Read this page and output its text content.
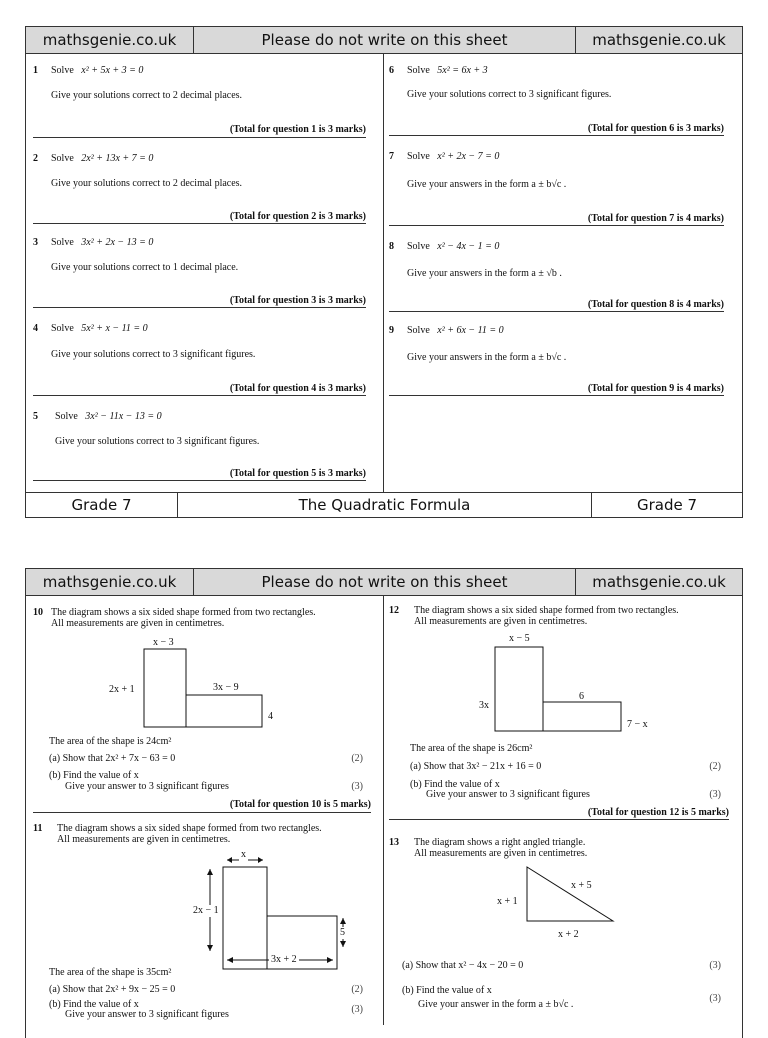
mathsgenie.co.uk	Please do not write on this sheet	mathsgenie.co.uk
1 Solve x² + 5x + 3 = 0
Give your solutions correct to 2 decimal places.
(Total for question 1 is 3 marks)
2 Solve 2x² + 13x + 7 = 0
Give your solutions correct to 2 decimal places.
(Total for question 2 is 3 marks)
3 Solve 3x² + 2x − 13 = 0
Give your solutions correct to 1 decimal place.
(Total for question 3 is 3 marks)
4 Solve 5x² + x − 11 = 0
Give your solutions correct to 3 significant figures.
(Total for question 4 is 3 marks)
5 Solve 3x² − 11x − 13 = 0
Give your solutions correct to 3 significant figures.
(Total for question 5 is 3 marks)
6 Solve 5x² = 6x + 3
Give your solutions correct to 3 significant figures.
(Total for question 6 is 3 marks)
7 Solve x² + 2x − 7 = 0
Give your answers in the form a ± b√c .
(Total for question 7 is 4 marks)
8 Solve x² − 4x − 1 = 0
Give your answers in the form a ± √b .
(Total for question 8 is 4 marks)
9 Solve x² + 6x − 11 = 0
Give your answers in the form a ± b√c .
(Total for question 9 is 4 marks)
Grade 7	The Quadratic Formula	Grade 7
mathsgenie.co.uk	Please do not write on this sheet	mathsgenie.co.uk
10 The diagram shows a six sided shape formed from two rectangles.
All measurements are given in centimetres.
x − 3
2x + 1	3x − 9
4
The area of the shape is 24cm²
(a) Show that 2x² + 7x − 63 = 0	(2)
(b) Find the value of x
Give your answer to 3 significant figures	(3)
(Total for question 10 is 5 marks)
11 The diagram shows a six sided shape formed from two rectangles.
All measurements are given in centimetres.
x
2x − 1
3x + 2
5
The area of the shape is 35cm²
(a) Show that 2x² + 9x − 25 = 0	(2)
(b) Find the value of x
Give your answer to 3 significant figures	(3)
12 The diagram shows a six sided shape formed from two rectangles.
All measurements are given in centimetres.
x − 5
3x
6
7 − x
The area of the shape is 26cm²
(a) Show that 3x² − 21x + 16 = 0	(2)
(b) Find the value of x
Give your answer to 3 significant figures	(3)
(Total for question 12 is 5 marks)
13 The diagram shows a right angled triangle.
All measurements are given in centimetres.
x + 5
x + 1
x + 2
(a) Show that x² − 4x − 20 = 0	(3)
(b) Find the value of x
Give your answer in the form a ± b√c .
(3)
